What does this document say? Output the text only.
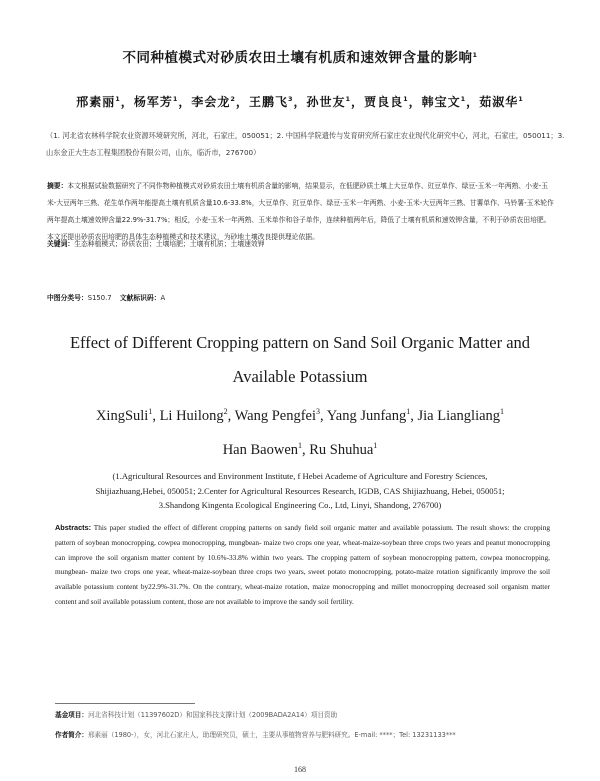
不同种植模式对砂质农田土壤有机质和速效钾含量的影响$^1$
邢素丽$^1$，杨军芳$^1$，李会龙$^2$，王鹏飞$^3$，孙世友$^1$，贾良良$^1$，韩宝文$^1$，茹淑华$^1$
（1. 河北省农林科学院农业资源环境研究所，河北，石家庄，050051；2. 中国科学院遗传与发育研究所石家庄农业现代化研究中心，河北，石家庄，050011；3. 山东金正大生态工程集团股份有限公司，山东，临沂市，276700）
摘要：本文根据试验数据研究了不同作物种植模式对砂质农田土壤有机质含量的影响，结果显示，在低肥砂质土壤上大豆单作、豇豆单作、绿豆-玉米一年两熟、小麦-玉米-大豆两年三熟、花生单作两年能提高土壤有机质含量10.6-33.8%，大豆单作、豇豆单作、绿豆-玉米一年两熟、小麦-玉米-大豆两年三熟、甘薯单作、马铃薯-玉米轮作两年提高土壤速效钾含量22.9%-31.7%；相反，小麦-玉米一年两熟、玉米单作和谷子单作，连续种植两年后，降低了土壤有机质和速效钾含量，不利于砂质农田培肥。本文还提出砂质农田培肥的具体生态种植模式和技术建议，为砂地土壤改良提供理论依据。
关键词：生态种植模式；砂质农田；土壤培肥；土壤有机质；土壤速效钾
中图分类号：S150.7 文献标识码：A
Effect of Different Cropping pattern on Sand Soil Organic Matter and Available Potassium
XingSuli$^1$, Li Huilong$^2$, Wang Pengfei$^3$, Yang Junfang$^1$, Jia Liangliang$^1$
Han Baowen$^1$, Ru Shuhua$^1$
(1.Agricultural Resources and Environment Institute, f Hebei Academe of Agriculture and Forestry Sciences,
Shijiazhuang,Hebei, 050051; 2.Center for Agricultural Resources Research, IGDB, CAS Shijiazhuang, Hebei, 050051;
3.Shandong Kingenta Ecological Engineering Co., Ltd, Linyi, Shandong, 276700)
Abstracts: This paper studied the effect of different cropping patterns on sandy field soil organic matter and available potassium. The result shows: the cropping pattern of soybean monocropping, cowpea monocropping, mungbean- maize two crops one year, wheat-maize-soybean three crops two years and peanut monocropping can improve the soil organism matter content by 10.6%-33.8% within two years. The cropping pattern of soybean monocropping pattern, cowpea monocropping, mungbean- maize two crops one year, wheat-maize-soybean three crops two years, sweet potato monocropping, potato-maize rotation significantly improve the soil available potassium content by22.9%-31.7%. On the contrary, wheat-maize rotation, maize monocropping and millet monocropping decreased soil organism matter content and soil available potassium content, those are not available to improve the sandy soil fertility.
基金项目：河北省科技计划（11397602D）和国家科技支撑计划（2009BADA2A14）项目资助
作者简介：邢素丽（1980-），女，河北石家庄人，助理研究员，硕士，主要从事植物营养与肥料研究。E-mail: ****；Tel: 13231133***
168
